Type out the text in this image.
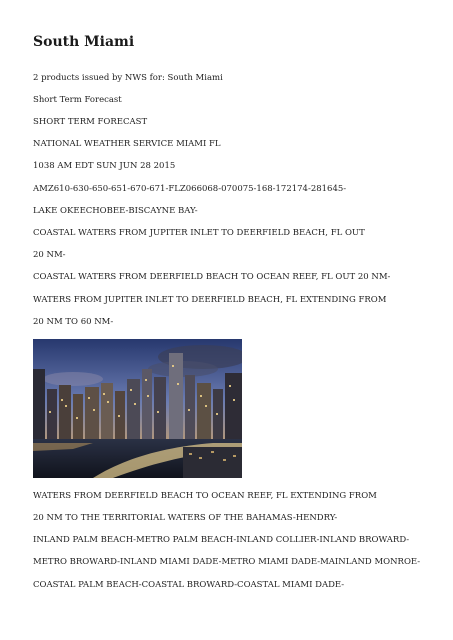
South Miami

2 products issued by NWS for: South Miami

Short Term Forecast

SHORT TERM FORECAST

NATIONAL WEATHER SERVICE MIAMI FL

1038 AM EDT SUN JUN 28 2015

AMZ610-630-650-651-670-671-FLZ066068-070075-168-172174-281645-

LAKE OKEECHOBEE-BISCAYNE BAY-

COASTAL WATERS FROM JUPITER INLET TO DEERFIELD BEACH, FL OUT

20 NM-

COASTAL WATERS FROM DEERFIELD BEACH TO OCEAN REEF, FL OUT 20 NM-

WATERS FROM JUPITER INLET TO DEERFIELD BEACH, FL EXTENDING FROM

20 NM TO 60 NM-

WATERS FROM DEERFIELD BEACH TO OCEAN REEF, FL EXTENDING FROM

20 NM TO THE TERRITORIAL WATERS OF THE BAHAMAS-HENDRY-

INLAND PALM BEACH-METRO PALM BEACH-INLAND COLLIER-INLAND BROWARD-

METRO BROWARD-INLAND MIAMI DADE-METRO MIAMI DADE-MAINLAND MONROE-

COASTAL PALM BEACH-COASTAL BROWARD-COASTAL MIAMI DADE-
